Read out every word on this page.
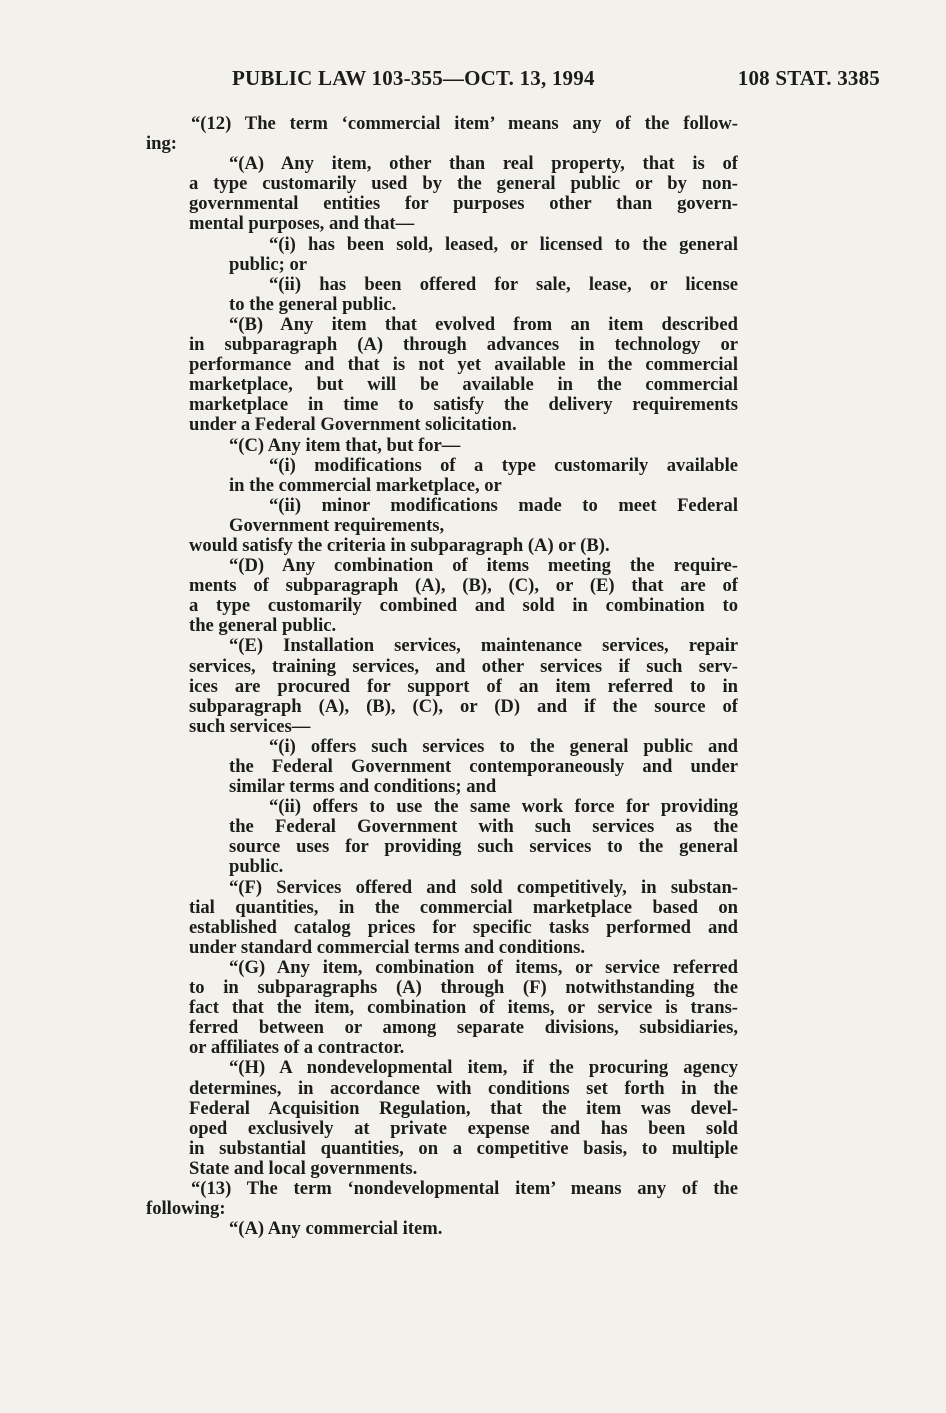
PUBLIC LAW 103-355—OCT. 13, 1994	108 STAT. 3385
“(12) The term ‘commercial item’ means any of the follow-
ing:
“(A) Any item, other than real property, that is of
a type customarily used by the general public or by non-
governmental entities for purposes other than govern-
mental purposes, and that—
“(i) has been sold, leased, or licensed to the general
public; or
“(ii) has been offered for sale, lease, or license
to the general public.
“(B) Any item that evolved from an item described
in subparagraph (A) through advances in technology or
performance and that is not yet available in the commercial
marketplace, but will be available in the commercial
marketplace in time to satisfy the delivery requirements
under a Federal Government solicitation.
“(C) Any item that, but for—
“(i) modifications of a type customarily available
in the commercial marketplace, or
“(ii) minor modifications made to meet Federal
Government requirements,
would satisfy the criteria in subparagraph (A) or (B).
“(D) Any combination of items meeting the require-
ments of subparagraph (A), (B), (C), or (E) that are of
a type customarily combined and sold in combination to
the general public.
“(E) Installation services, maintenance services, repair
services, training services, and other services if such serv-
ices are procured for support of an item referred to in
subparagraph (A), (B), (C), or (D) and if the source of
such services—
“(i) offers such services to the general public and
the Federal Government contemporaneously and under
similar terms and conditions; and
“(ii) offers to use the same work force for providing
the Federal Government with such services as the
source uses for providing such services to the general
public.
“(F) Services offered and sold competitively, in substan-
tial quantities, in the commercial marketplace based on
established catalog prices for specific tasks performed and
under standard commercial terms and conditions.
“(G) Any item, combination of items, or service referred
to in subparagraphs (A) through (F) notwithstanding the
fact that the item, combination of items, or service is trans-
ferred between or among separate divisions, subsidiaries,
or affiliates of a contractor.
“(H) A nondevelopmental item, if the procuring agency
determines, in accordance with conditions set forth in the
Federal Acquisition Regulation, that the item was devel-
oped exclusively at private expense and has been sold
in substantial quantities, on a competitive basis, to multiple
State and local governments.
“(13) The term ‘nondevelopmental item’ means any of the
following:
“(A) Any commercial item.
